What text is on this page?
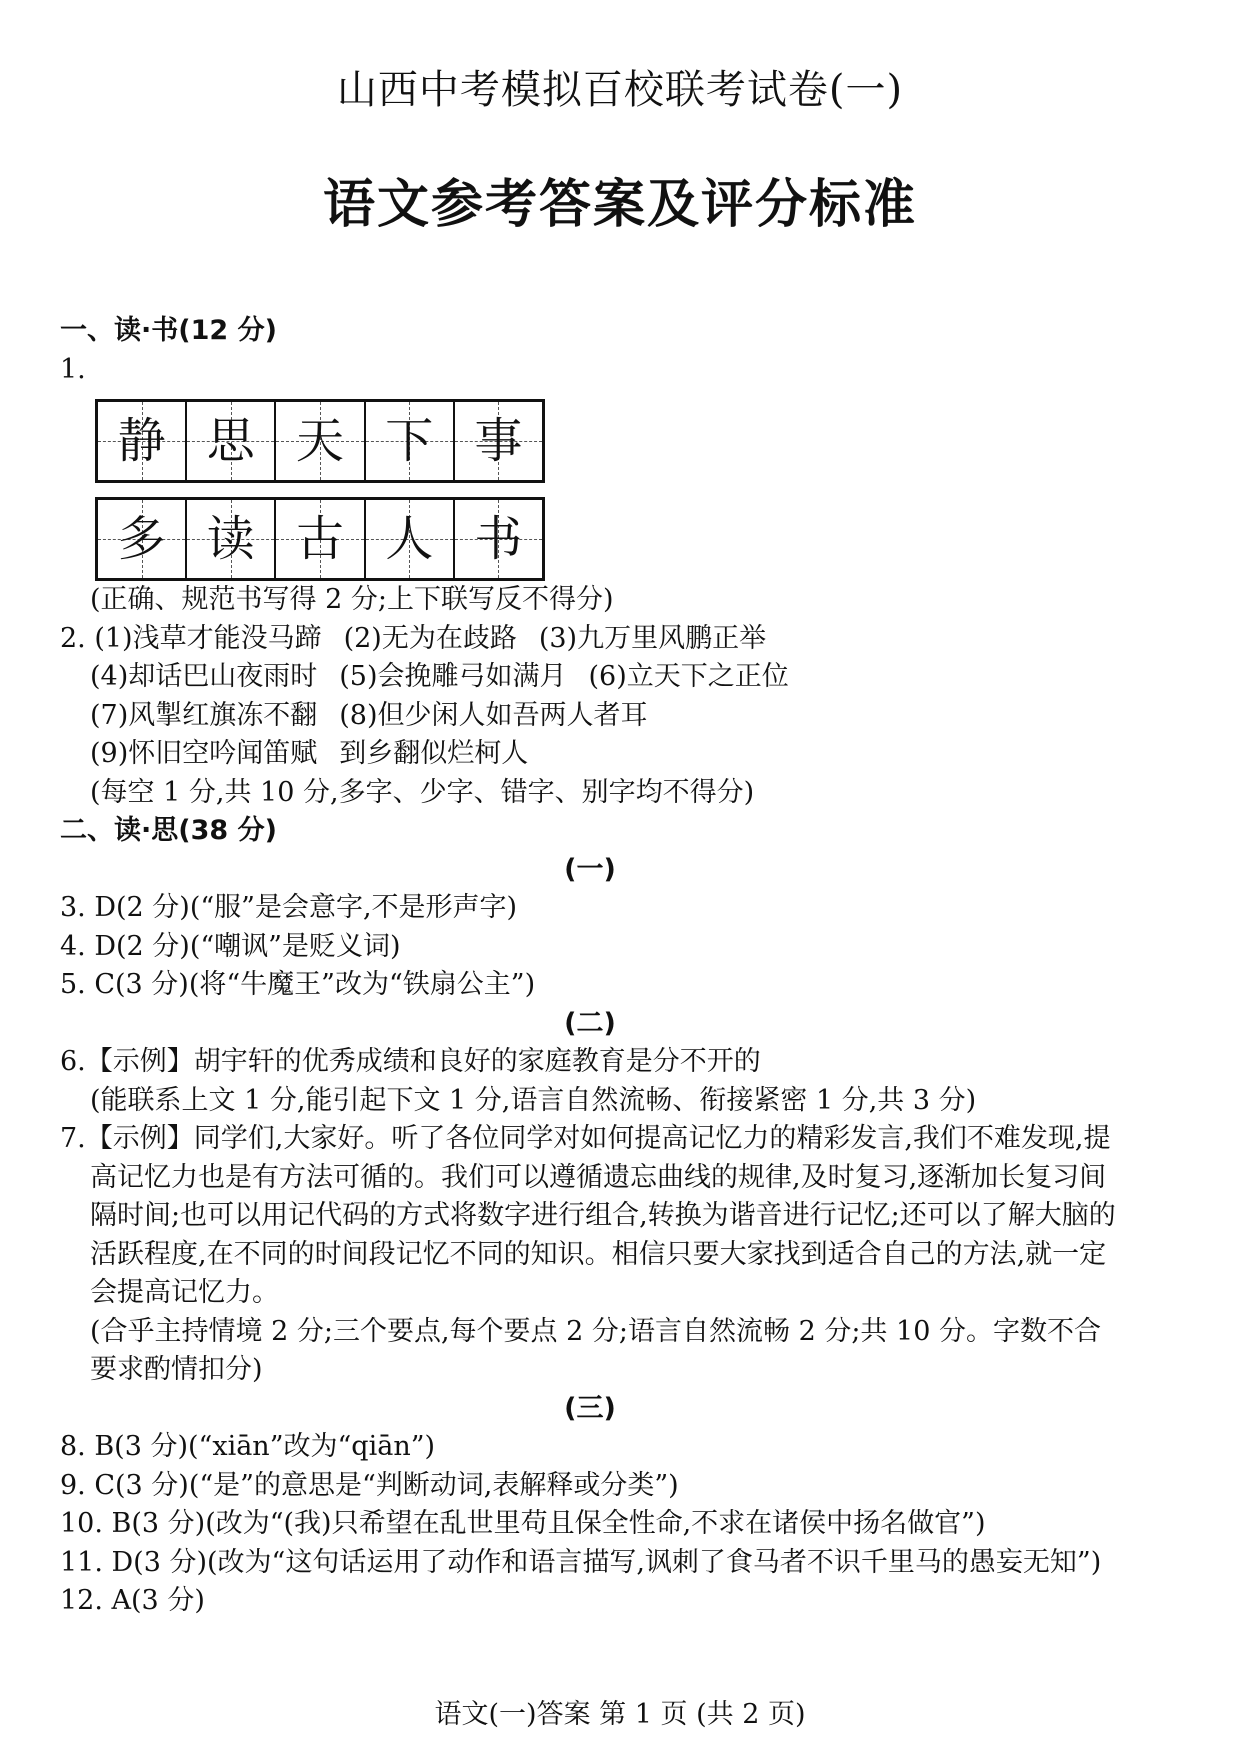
山西中考模拟百校联考试卷(一)
语文参考答案及评分标准
一、读·书(12 分)
1.
静 思 天 下 事
多 读 古 人 书
(正确、规范书写得 2 分;上下联写反不得分)
2. (1)浅草才能没马蹄 (2)无为在歧路 (3)九万里风鹏正举
(4)却话巴山夜雨时 (5)会挽雕弓如满月 (6)立天下之正位
(7)风掣红旗冻不翻 (8)但少闲人如吾两人者耳
(9)怀旧空吟闻笛赋 到乡翻似烂柯人
(每空 1 分,共 10 分,多字、少字、错字、别字均不得分)
二、读·思(38 分)
(一)
3. D(2 分)(“服”是会意字,不是形声字)
4. D(2 分)(“嘲讽”是贬义词)
5. C(3 分)(将“牛魔王”改为“铁扇公主”)
(二)
6.【示例】胡宇轩的优秀成绩和良好的家庭教育是分不开的
(能联系上文 1 分,能引起下文 1 分,语言自然流畅、衔接紧密 1 分,共 3 分)
7.【示例】同学们,大家好。听了各位同学对如何提高记忆力的精彩发言,我们不难发现,提高记忆力也是有方法可循的。我们可以遵循遗忘曲线的规律,及时复习,逐渐加长复习间隔时间;也可以用记代码的方式将数字进行组合,转换为谐音进行记忆;还可以了解大脑的活跃程度,在不同的时间段记忆不同的知识。相信只要大家找到适合自己的方法,就一定会提高记忆力。
(合乎主持情境 2 分;三个要点,每个要点 2 分;语言自然流畅 2 分;共 10 分。字数不合要求酌情扣分)
(三)
8. B(3 分)(“xiān”改为“qiān”)
9. C(3 分)(“是”的意思是“判断动词,表解释或分类”)
10. B(3 分)(改为“(我)只希望在乱世里苟且保全性命,不求在诸侯中扬名做官”)
11. D(3 分)(改为“这句话运用了动作和语言描写,讽刺了食马者不识千里马的愚妄无知”)
12. A(3 分)
语文(一)答案 第 1 页 (共 2 页)
